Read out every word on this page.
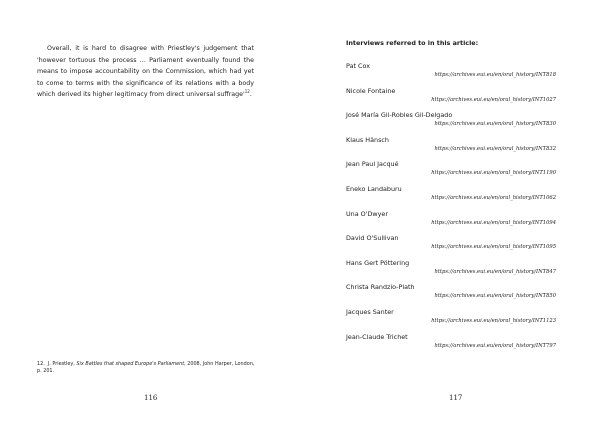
Overall, it is hard to disagree with Priestley's judgement that 'however tortuous the process ... Parliament eventually found the means to impose accountability on the Commission, which had yet to come to terms with the significance of its relations with a body which derived its higher legitimacy from direct universal $suffrage'^{12}$.

12. J. Priestley, Six Battles that shaped Europe's Parliament, 2008, John Harper, London, p. 201.
116
Interviews referred to in this article:
Pat Cox
https://archives.eui.eu/en/oral_history/INT818
Nicole Fontaine
https://archives.eui.eu/en/oral_history/INT1027
José María Gil-Robles Gil-Delgado
https://archives.eui.eu/en/oral_history/INT830
Klaus Hänsch
https://archives.eui.eu/en/oral_history/INT832
Jean Paul Jacqué
https://archives.eui.eu/en/oral_history/INT1190
Eneko Landaburu
https://archives.eui.eu/en/oral_history/INT1062
Una O'Dwyer
https://archives.eui.eu/en/oral_history/INT1094
David O'Sullivan
https://archives.eui.eu/en/oral_history/INT1095
Hans Gert Pöttering
https://archives.eui.eu/en/oral_history/INT847
Christa Randzio-Plath
https://archives.eui.eu/en/oral_history/INT850
Jacques Santer
https://archives.eui.eu/en/oral_history/INT1123
Jean-Claude Trichet
https://archives.eui.eu/en/oral_history/INT797
117
